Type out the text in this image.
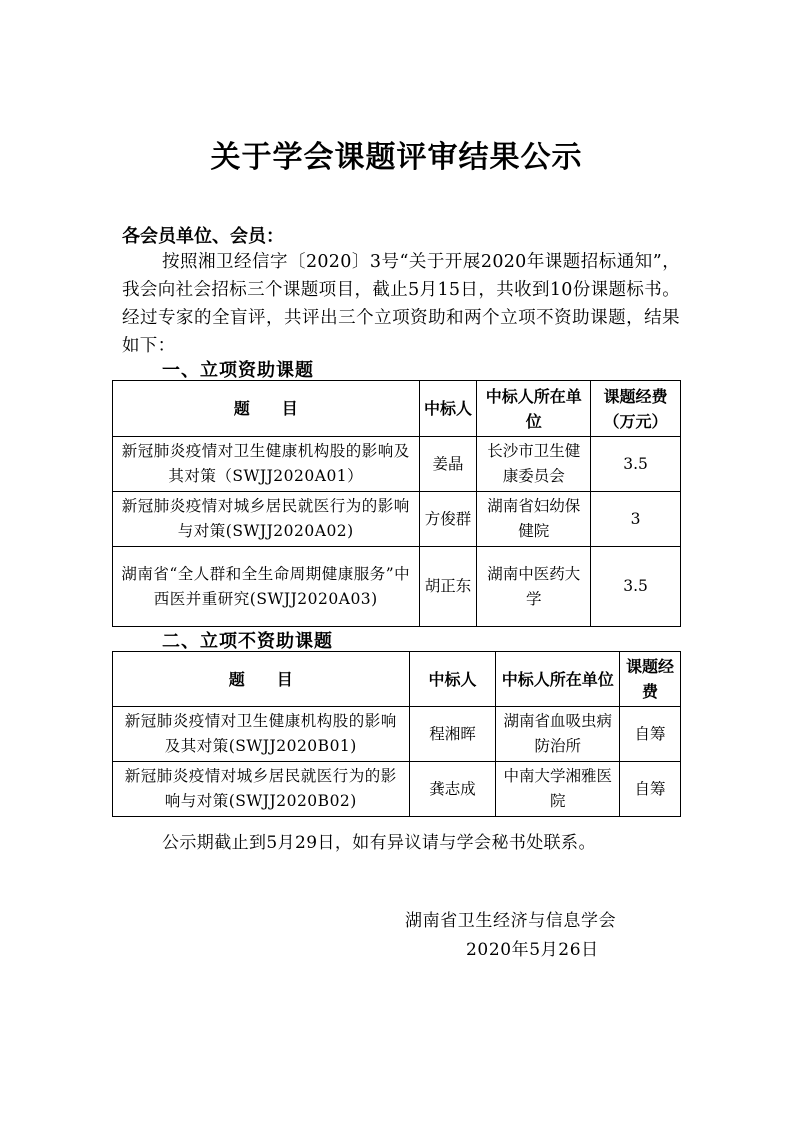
关于学会课题评审结果公示
各会员单位、会员：
按照湘卫经信字〔2020〕3号“关于开展2020年课题招标通知”，我会向社会招标三个课题项目，截止5月15日，共收到10份课题标书。经过专家的全盲评，共评出三个立项资助和两个立项不资助课题，结果如下：
一、立项资助课题
题　　目	中标人	中标人所在单位	课题经费（万元）
新冠肺炎疫情对卫生健康机构股的影响及其对策（SWJJ2020A01）	姜晶	长沙市卫生健康委员会	3.5
新冠肺炎疫情对城乡居民就医行为的影响与对策(SWJJ2020A02)	方俊群	湖南省妇幼保健院	3
湖南省“全人群和全生命周期健康服务”中西医并重研究(SWJJ2020A03)	胡正东	湖南中医药大学	3.5
二、立项不资助课题
题　　目	中标人	中标人所在单位	课题经费
新冠肺炎疫情对卫生健康机构股的影响及其对策(SWJJ2020B01)	程湘晖	湖南省血吸虫病防治所	自筹
新冠肺炎疫情对城乡居民就医行为的影响与对策(SWJJ2020B02)	龚志成	中南大学湘雅医院	自筹
公示期截止到5月29日，如有异议请与学会秘书处联系。
湖南省卫生经济与信息学会
2020年5月26日
